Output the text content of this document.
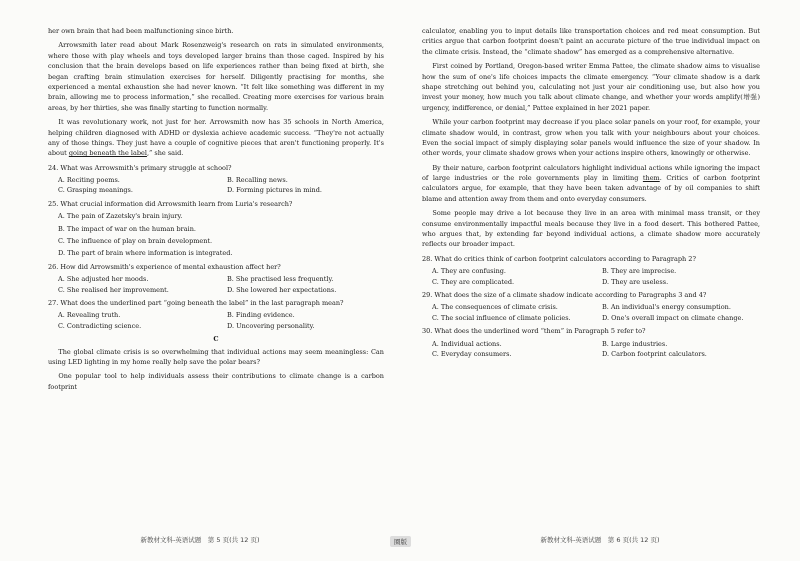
her own brain that had been malfunctioning since birth.

Arrowsmith later read about Mark Rosenzweig's research on rats in simulated environments, where those with play wheels and toys developed larger brains than those caged. Inspired by his conclusion that the brain develops based on life experiences rather than being fixed at birth, she began crafting brain stimulation exercises for herself. Diligently practising for months, she experienced a mental exhaustion she had never known. “It felt like something was different in my brain, allowing me to process information,” she recalled. Creating more exercises for various brain areas, by her thirties, she was finally starting to function normally.

It was revolutionary work, not just for her. Arrowsmith now has 35 schools in North America, helping children diagnosed with ADHD or dyslexia achieve academic success. “They're not actually any of those things. They just have a couple of cognitive pieces that aren't functioning properly. It's about going beneath the label,” she said.

24. What was Arrowsmith's primary struggle at school?
A. Reciting poems.	B. Recalling news.
C. Grasping meanings.	D. Forming pictures in mind.
25. What crucial information did Arrowsmith learn from Luria's research?
A. The pain of Zazetsky's brain injury.
B. The impact of war on the human brain.
C. The influence of play on brain development.
D. The part of brain where information is integrated.
26. How did Arrowsmith's experience of mental exhaustion affect her?
A. She adjusted her moods.	B. She practised less frequently.
C. She realised her improvement.	D. She lowered her expectations.
27. What does the underlined part “going beneath the label” in the last paragraph mean?
A. Revealing truth.	B. Finding evidence.
C. Contradicting science.	D. Uncovering personality.
C

The global climate crisis is so overwhelming that individual actions may seem meaningless: Can using LED lighting in my home really help save the polar bears?

One popular tool to help individuals assess their contributions to climate change is a carbon footprint

新教材文科-英语试题　第 5 页(共 12 页)

calculator, enabling you to input details like transportation choices and red meat consumption. But critics argue that carbon footprint doesn't paint an accurate picture of the true individual impact on the climate crisis. Instead, the “climate shadow” has emerged as a comprehensive alternative.

First coined by Portland, Oregon-based writer Emma Pattee, the climate shadow aims to visualise how the sum of one's life choices impacts the climate emergency. “Your climate shadow is a dark shape stretching out behind you, calculating not just your air conditioning use, but also how you invest your money, how much you talk about climate change, and whether your words amplify(增强) urgency, indifference, or denial,” Pattee explained in her 2021 paper.

While your carbon footprint may decrease if you place solar panels on your roof, for example, your climate shadow would, in contrast, grow when you talk with your neighbours about your choices. Even the social impact of simply displaying solar panels would influence the size of your shadow. In other words, your climate shadow grows when your actions inspire others, knowingly or otherwise.

By their nature, carbon footprint calculators highlight individual actions while ignoring the impact of large industries or the role governments play in limiting them. Critics of carbon footprint calculators argue, for example, that they have been taken advantage of by oil companies to shift blame and attention away from them and onto everyday consumers.

Some people may drive a lot because they live in an area with minimal mass transit, or they consume environmentally impactful meals because they live in a food desert. This bothered Pattee, who argues that, by extending far beyond individual actions, a climate shadow more accurately reflects our broader impact.

28. What do critics think of carbon footprint calculators according to Paragraph 2?
A. They are confusing.	B. They are imprecise.
C. They are complicated.	D. They are useless.
29. What does the size of a climate shadow indicate according to Paragraphs 3 and 4?
A. The consequences of climate crisis.	B. An individual's energy consumption.
C. The social influence of climate policies.	D. One's overall impact on climate change.
30. What does the underlined word “them” in Paragraph 5 refer to?
A. Individual actions.	B. Large industries.
C. Everyday consumers.	D. Carbon footprint calculators.
新教材文科-英语试题　第 6 页(共 12 页)
圈版
